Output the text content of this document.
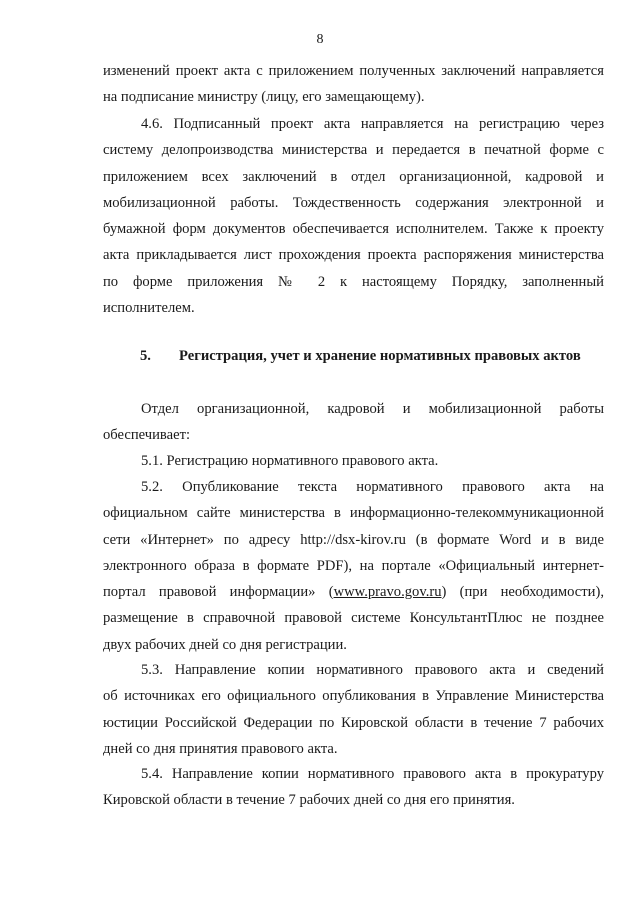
8
изменений проект акта с приложением полученных заключений направляется
на подписание министру (лицу, его замещающему).
4.6. Подписанный проект акта направляется на регистрацию через
систему делопроизводства министерства и передается в печатной форме с
приложением всех заключений в отдел организационной, кадровой и
мобилизационной работы. Тождественность содержания электронной и
бумажной форм документов обеспечивается исполнителем. Также к проекту
акта прикладывается лист прохождения проекта распоряжения министерства
по форме приложения № 2 к настоящему Порядку, заполненный
исполнителем.
5. Регистрация, учет и хранение нормативных правовых актов
Отдел организационной, кадровой и мобилизационной работы
обеспечивает:
5.1. Регистрацию нормативного правового акта.
5.2. Опубликование текста нормативного правового акта на
официальном сайте министерства в информационно-телекоммуникационной
сети «Интернет» по адресу http://dsx-kirov.ru (в формате Word и в виде
электронного образа в формате PDF), на портале «Официальный интернет-
портал правовой информации» (www.pravo.gov.ru) (при необходимости),
размещение в справочной правовой системе КонсультантПлюс не позднее
двух рабочих дней со дня регистрации.
5.3. Направление копии нормативного правового акта и сведений
об источниках его официального опубликования в Управление Министерства
юстиции Российской Федерации по Кировской области в течение 7 рабочих
дней со дня принятия правового акта.
5.4. Направление копии нормативного правового акта в прокуратуру
Кировской области в течение 7 рабочих дней со дня его принятия.
